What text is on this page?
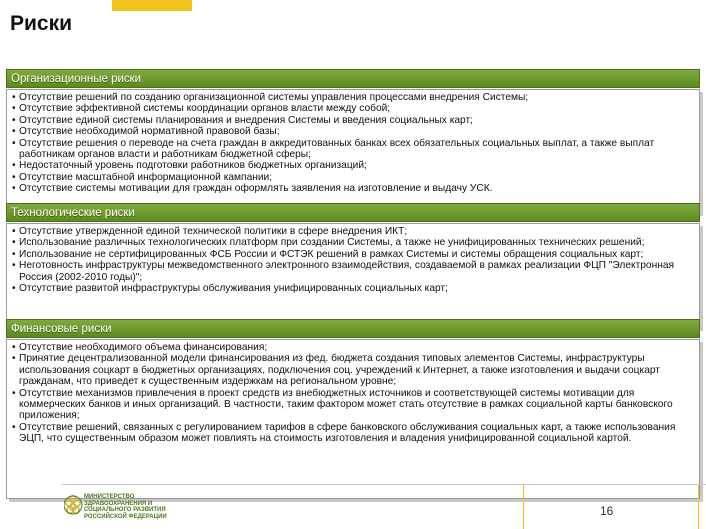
Риски
Организационные риски
• Отсутствие решений по созданию организационной системы управления процессами внедрения Системы;
• Отсутствие эффективной системы координации органов власти между собой;
• Отсутствие единой системы планирования и внедрения Системы и введения социальных карт;
• Отсутствие необходимой нормативной правовой базы;
• Отсутствие решения о переводе на счета граждан в аккредитованных банках всех обязательных социальных выплат, а также выплат работникам органов власти и работникам бюджетной сферы;
• Недостаточный уровень подготовки работников бюджетных организаций;
• Отсутствие масштабной информационной кампании;
• Отсутствие системы мотивации для граждан оформлять заявления на изготовление и выдачу УСК.
Технологические риски
• Отсутствие утвержденной единой технической политики в сфере внедрения ИКТ;
• Использование различных технологических платформ при создании Системы, а также не унифицированных технических решений;
• Использование не сертифицированных ФСБ России и ФСТЭК решений в рамках Системы и системы обращения социальных карт;
• Неготовность инфраструктуры межведомственного электронного взаимодействия, создаваемой в рамках реализации ФЦП "Электронная Россия (2002-2010 годы)";
• Отсутствие развитой инфраструктуры обслуживания унифицированных социальных карт;
Финансовые риски
• Отсутствие необходимого объема финансирования;
• Принятие децентрализованной модели финансирования из фед. бюджета создания типовых элементов Системы, инфраструктуры использования соцкарт в бюджетных организациях, подключения соц. учреждений к Интернет, а также изготовления и выдачи соцкарт гражданам, что приведет к существенным издержкам на региональном уровне;
• Отсутствие механизмов привлечения в проект средств из внебюджетных источников и соответствующей системы мотивации для коммерческих банков и иных организаций. В частности, таким фактором может стать отсутствие в рамках социальной карты банковского приложения;
• Отсутствие решений, связанных с регулированием тарифов в сфере банковского обслуживания социальных карт, а также использования ЭЦП, что существенным образом может повлиять на стоимость изготовления и владения унифицированной социальной картой.
МИНИСТЕРСТВО ЗДРАВООХРАНЕНИЯ И СОЦИАЛЬНОГО РАЗВИТИЯ РОССИЙСКОЙ ФЕДЕРАЦИИ	16
